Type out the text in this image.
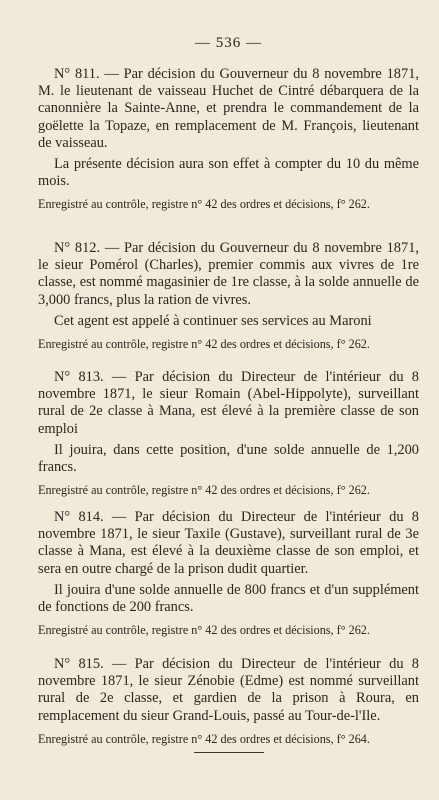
— 536 —

N° 811. — Par décision du Gouverneur du 8 novembre 1871, M. le lieutenant de vaisseau Huchet de Cintré débarquera de la canonnière la Sainte-Anne, et prendra le commandement de la goëlette la Topaze, en remplacement de M. François, lieutenant de vaisseau.

La présente décision aura son effet à compter du 10 du même mois.

Enregistré au contrôle, registre n° 42 des ordres et décisions, f° 262.

N° 812. — Par décision du Gouverneur du 8 novembre 1871, le sieur Pomérol (Charles), premier commis aux vivres de 1re classe, est nommé magasinier de 1re classe, à la solde annuelle de 3,000 francs, plus la ration de vivres.

Cet agent est appelé à continuer ses services au Maroni

Enregistré au contrôle, registre n° 42 des ordres et décisions, f° 262.

N° 813. — Par décision du Directeur de l'intérieur du 8 novembre 1871, le sieur Romain (Abel-Hippolyte), surveillant rural de 2e classe à Mana, est élevé à la première classe de son emploi

Il jouira, dans cette position, d'une solde annuelle de 1,200 francs.

Enregistré au contrôle, registre n° 42 des ordres et décisions, f° 262.

N° 814. — Par décision du Directeur de l'intérieur du 8 novembre 1871, le sieur Taxile (Gustave), surveillant rural de 3e classe à Mana, est élevé à la deuxième classe de son emploi, et sera en outre chargé de la prison dudit quartier.

Il jouira d'une solde annuelle de 800 francs et d'un supplément de fonctions de 200 francs.

Enregistré au contrôle, registre n° 42 des ordres et décisions, f° 262.

N° 815. — Par décision du Directeur de l'intérieur du 8 novembre 1871, le sieur Zénobie (Edme) est nommé surveillant rural de 2e classe, et gardien de la prison à Roura, en remplacement du sieur Grand-Louis, passé au Tour-de-l'Ile.

Enregistré au contrôle, registre n° 42 des ordres et décisions, f° 264.
